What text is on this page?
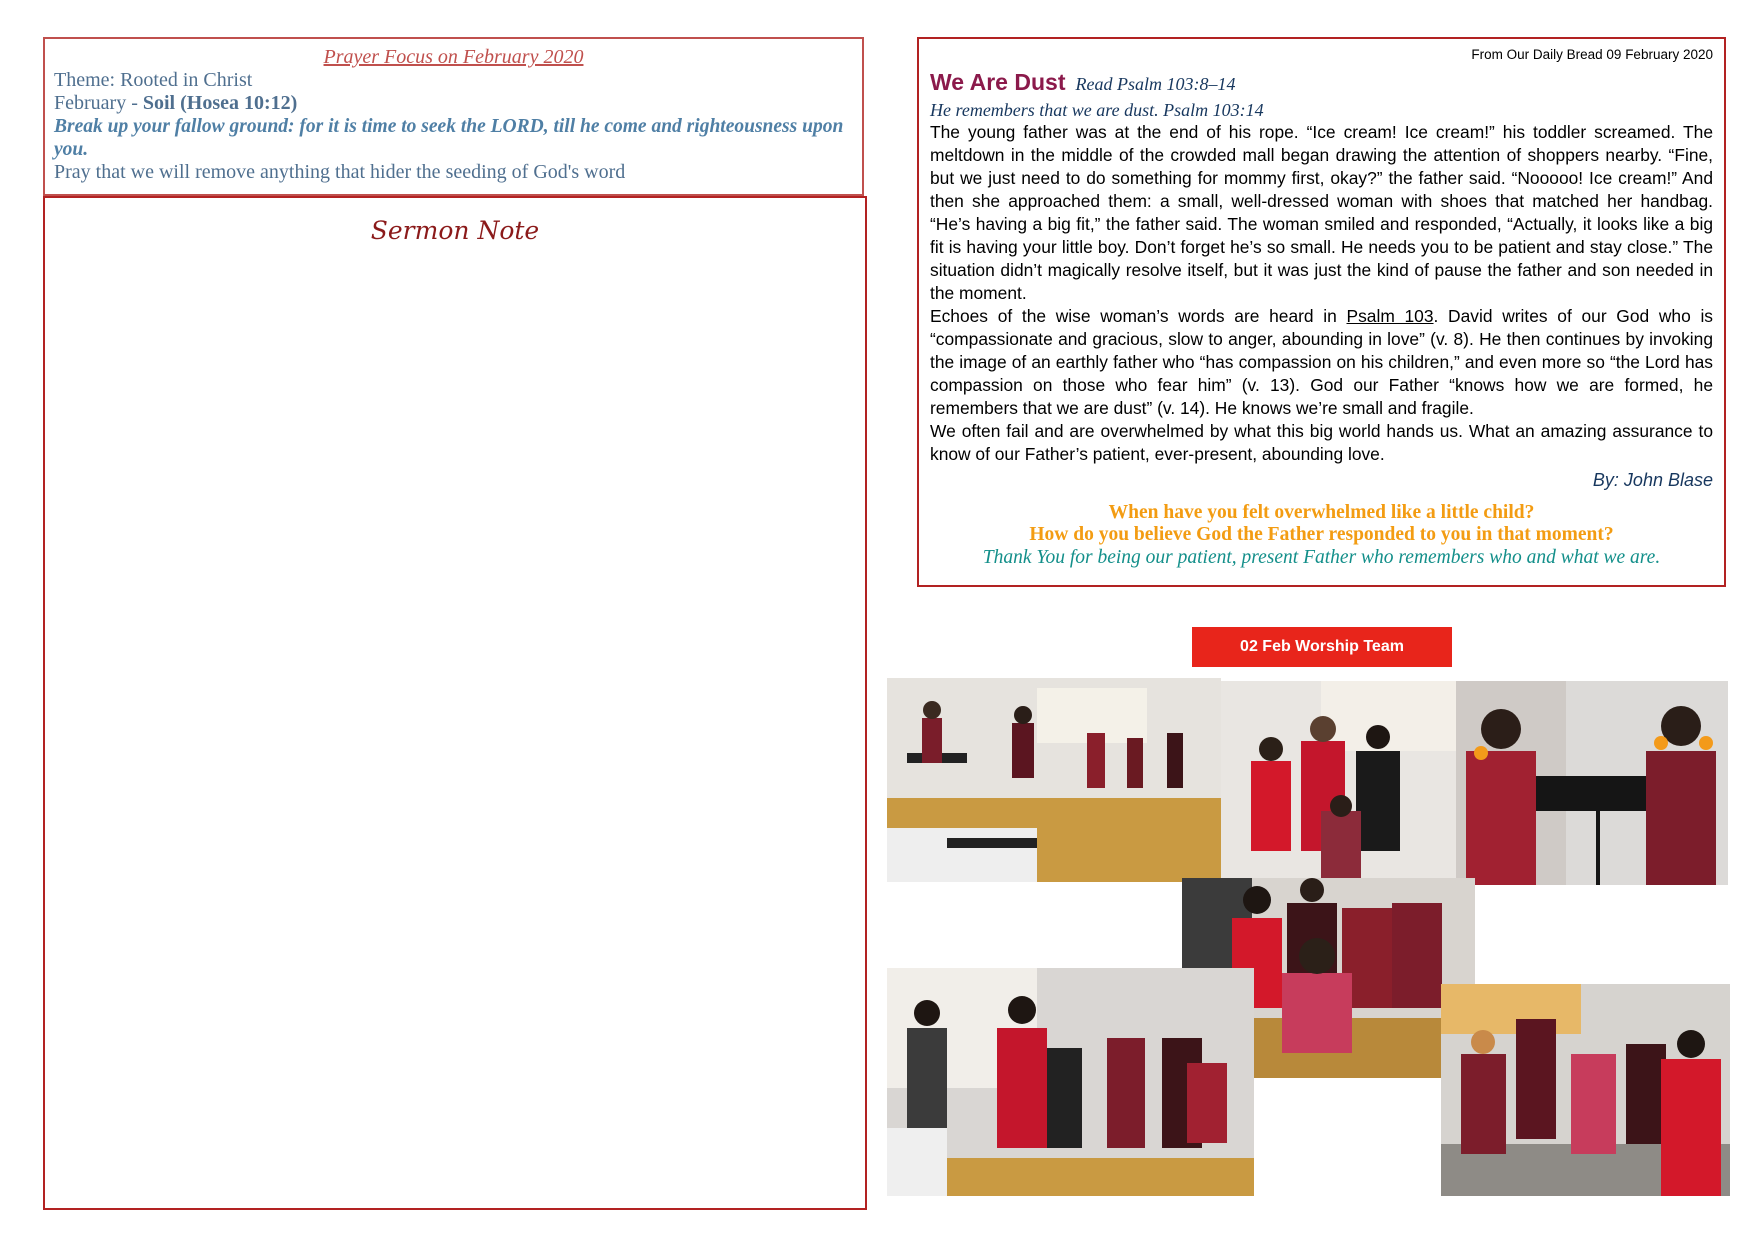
Prayer Focus on February 2020
Theme: Rooted in Christ
February - Soil (Hosea 10:12)
Break up your fallow ground: for it is time to seek the LORD, till he come and righteousness upon you.
Pray that we will remove anything that hider the seeding of God's word
Sermon Note
From Our Daily Bread 09 February 2020
We Are Dust Read Psalm 103:8–14
He remembers that we are dust. Psalm 103:14

The young father was at the end of his rope. “Ice cream! Ice cream!” his toddler screamed. The meltdown in the middle of the crowded mall began drawing the attention of shoppers nearby. “Fine, but we just need to do something for mommy first, okay?” the father said. “Nooooo! Ice cream!” And then she approached them: a small, well-dressed woman with shoes that matched her handbag. “He’s having a big fit,” the father said. The woman smiled and responded, “Actually, it looks like a big fit is having your little boy. Don’t forget he’s so small. He needs you to be patient and stay close.” The situation didn’t magically resolve itself, but it was just the kind of pause the father and son needed in the moment.

Echoes of the wise woman’s words are heard in Psalm 103. David writes of our God who is “compassionate and gracious, slow to anger, abounding in love” (v. 8). He then continues by invoking the image of an earthly father who “has compassion on his children,” and even more so “the Lord has compassion on those who fear him” (v. 13). God our Father “knows how we are formed, he remembers that we are dust” (v. 14). He knows we’re small and fragile.

We often fail and are overwhelmed by what this big world hands us. What an amazing assurance to know of our Father’s patient, ever-present, abounding love.

By: John Blase
When have you felt overwhelmed like a little child?
How do you believe God the Father responded to you in that moment?
Thank You for being our patient, present Father who remembers who and what we are.
02 Feb Worship Team
